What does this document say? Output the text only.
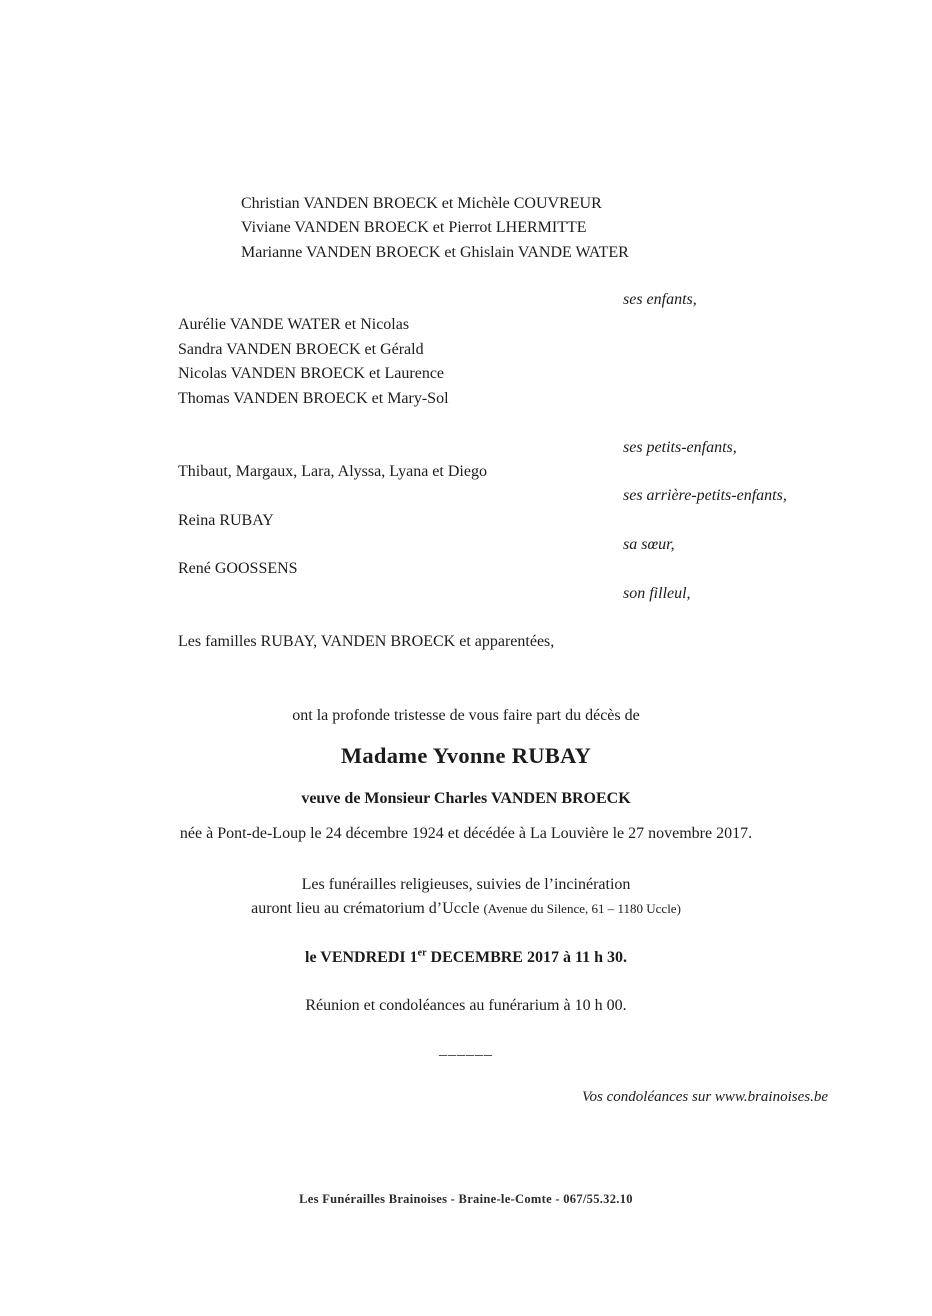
Christian VANDEN BROECK et Michèle COUVREUR
Viviane VANDEN BROECK et Pierrot LHERMITTE
Marianne VANDEN BROECK et Ghislain VANDE WATER
ses enfants,
Aurélie VANDE WATER et Nicolas
Sandra VANDEN BROECK et Gérald
Nicolas VANDEN BROECK et Laurence
Thomas VANDEN BROECK et Mary-Sol
ses petits-enfants,
Thibaut, Margaux, Lara, Alyssa, Lyana et Diego
ses arrière-petits-enfants,
Reina RUBAY
sa sœur,
René GOOSSENS
son filleul,
Les familles RUBAY, VANDEN BROECK et apparentées,
ont la profonde tristesse de vous faire part du décès de
Madame Yvonne RUBAY
veuve de Monsieur Charles VANDEN BROECK
née à Pont-de-Loup le 24 décembre 1924 et décédée à La Louvière le 27 novembre 2017.
Les funérailles religieuses, suivies de l’incinération
auront lieu au crématorium d’Uccle (Avenue du Silence, 61 – 1180 Uccle)
le VENDREDI 1er DECEMBRE 2017 à 11 h 30.
Réunion et condoléances au funérarium à 10 h 00.
______
Vos condoléances sur www.brainoises.be
Les Funérailles Brainoises - Braine-le-Comte - 067/55.32.10
